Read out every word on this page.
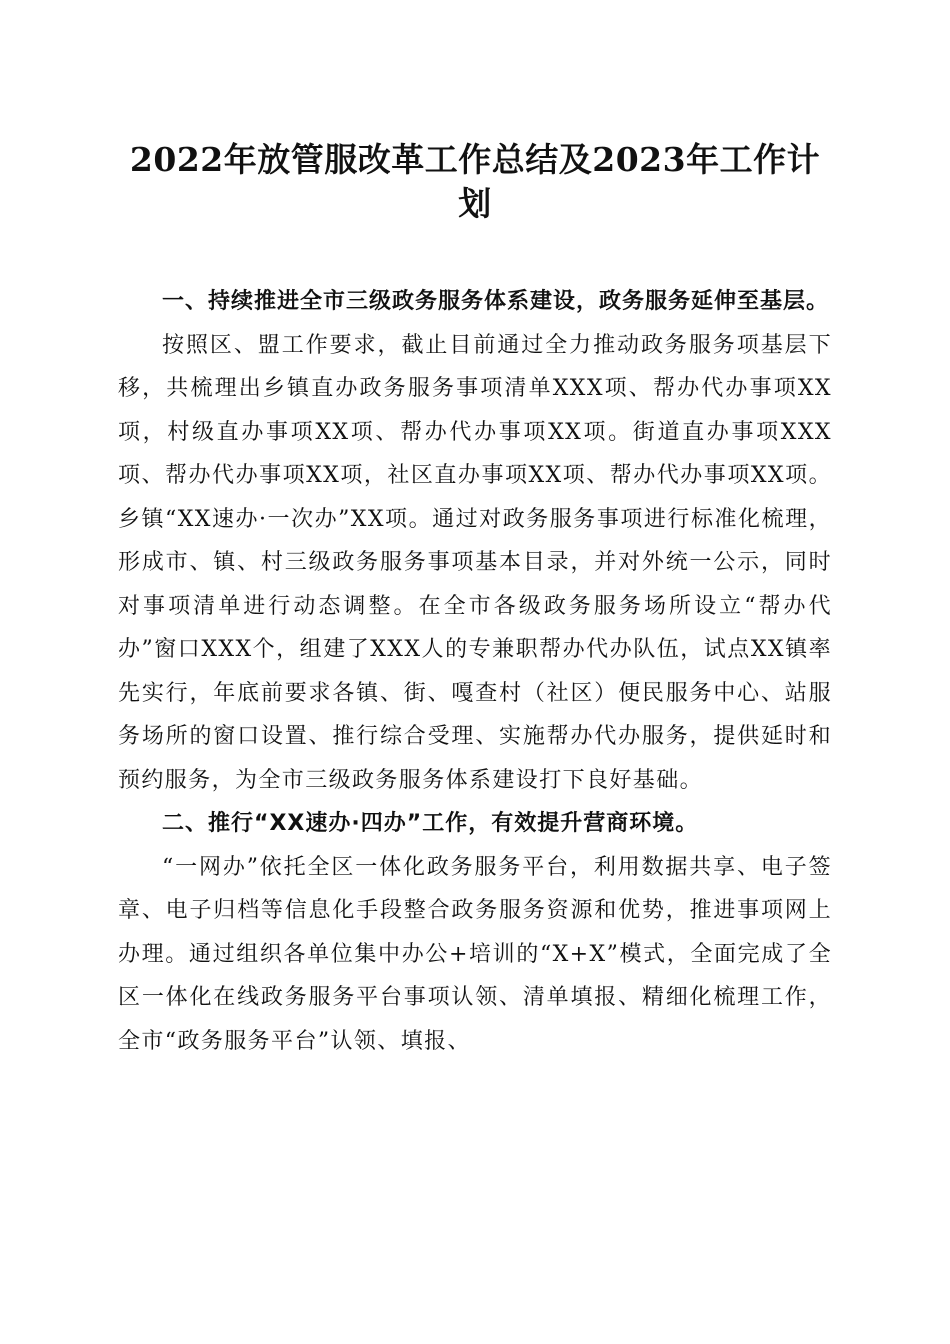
2022年放管服改革工作总结及2023年工作计划

一、持续推进全市三级政务服务体系建设，政务服务延伸至基层。

按照区、盟工作要求，截止目前通过全力推动政务服务项基层下移，共梳理出乡镇直办政务服务事项清单XXX项、帮办代办事项XX项，村级直办事项XX项、帮办代办事项XX项。街道直办事项XXX项、帮办代办事项XX项，社区直办事项XX项、帮办代办事项XX项。乡镇“XX速办·一次办”XX项。通过对政务服务事项进行标准化梳理，形成市、镇、村三级政务服务事项基本目录，并对外统一公示，同时对事项清单进行动态调整。在全市各级政务服务场所设立“帮办代办”窗口XXX个，组建了XXX人的专兼职帮办代办队伍，试点XX镇率先实行，年底前要求各镇、街、嘎查村（社区）便民服务中心、站服务场所的窗口设置、推行综合受理、实施帮办代办服务，提供延时和预约服务，为全市三级政务服务体系建设打下良好基础。

二、推行“XX速办·四办”工作，有效提升营商环境。

“一网办”依托全区一体化政务服务平台，利用数据共享、电子签章、电子归档等信息化手段整合政务服务资源和优势，推进事项网上办理。通过组织各单位集中办公+培训的“X+X”模式，全面完成了全区一体化在线政务服务平台事项认领、清单填报、精细化梳理工作，全市“政务服务平台”认领、填报、
